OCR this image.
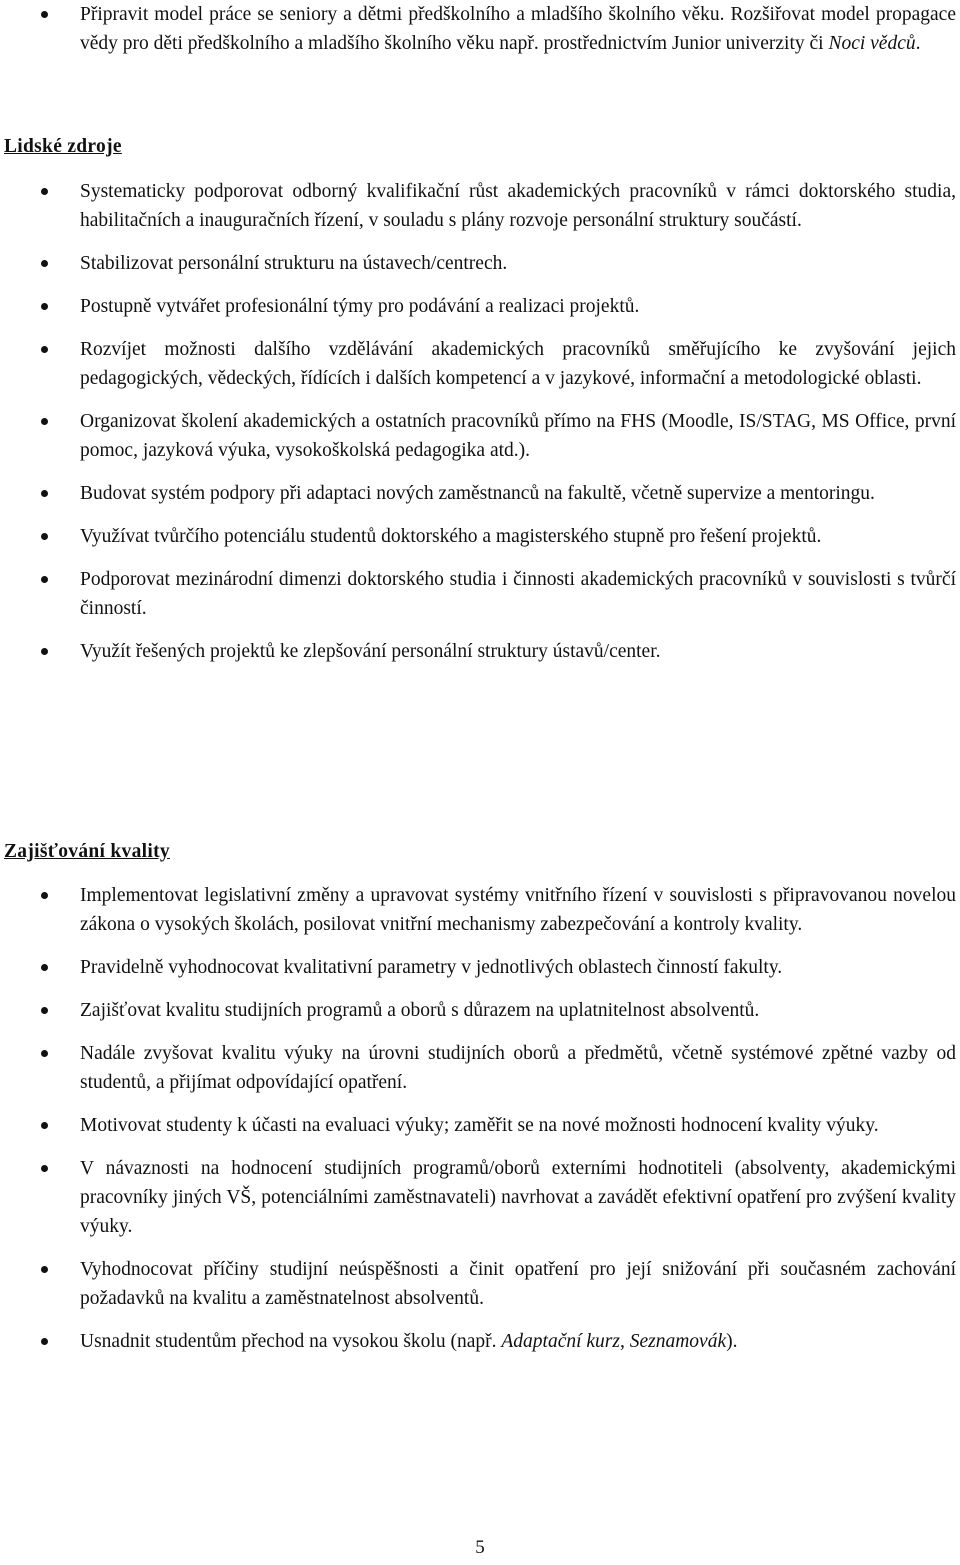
Připravit model práce se seniory a dětmi předškolního a mladšího školního věku. Rozšiřovat model propagace vědy pro děti předškolního a mladšího školního věku např. prostřednictvím Junior univerzity či Noci vědců.
Lidské zdroje
Systematicky podporovat odborný kvalifikační růst akademických pracovníků v rámci doktorského studia, habilitačních a inauguračních řízení, v souladu s plány rozvoje personální struktury součástí.
Stabilizovat personální strukturu na ústavech/centrech.
Postupně vytvářet profesionální týmy pro podávání a realizaci projektů.
Rozvíjet možnosti dalšího vzdělávání akademických pracovníků směřujícího ke zvyšování jejich pedagogických, vědeckých, řídících i dalších kompetencí a v jazykové, informační a metodologické oblasti.
Organizovat školení akademických a ostatních pracovníků přímo na FHS (Moodle, IS/STAG, MS Office, první pomoc, jazyková výuka, vysokoškolská pedagogika atd.).
Budovat systém podpory při adaptaci nových zaměstnanců na fakultě, včetně supervize a mentoringu.
Využívat tvůrčího potenciálu studentů doktorského a magisterského stupně pro řešení projektů.
Podporovat mezinárodní dimenzi doktorského studia i činnosti akademických pracovníků v souvislosti s tvůrčí činností.
Využít řešených projektů ke zlepšování personální struktury ústavů/center.
Zajišťování kvality
Implementovat legislativní změny a upravovat systémy vnitřního řízení v souvislosti s připravovanou novelou zákona o vysokých školách, posilovat vnitřní mechanismy zabezpečování a kontroly kvality.
Pravidelně vyhodnocovat kvalitativní parametry v jednotlivých oblastech činností fakulty.
Zajišťovat kvalitu studijních programů a oborů s důrazem na uplatnitelnost absolventů.
Nadále zvyšovat kvalitu výuky na úrovni studijních oborů a předmětů, včetně systémové zpětné vazby od studentů, a přijímat odpovídající opatření.
Motivovat studenty k účasti na evaluaci výuky; zaměřit se na nové možnosti hodnocení kvality výuky.
V návaznosti na hodnocení studijních programů/oborů externími hodnotiteli (absolventy, akademickými pracovníky jiných VŠ, potenciálními zaměstnavateli) navrhovat a zavádět efektivní opatření pro zvýšení kvality výuky.
Vyhodnocovat příčiny studijní neúspěšnosti a činit opatření pro její snižování při současném zachování požadavků na kvalitu a zaměstnatelnost absolventů.
Usnadnit studentům přechod na vysokou školu (např. Adaptační kurz, Seznamovák).
5
